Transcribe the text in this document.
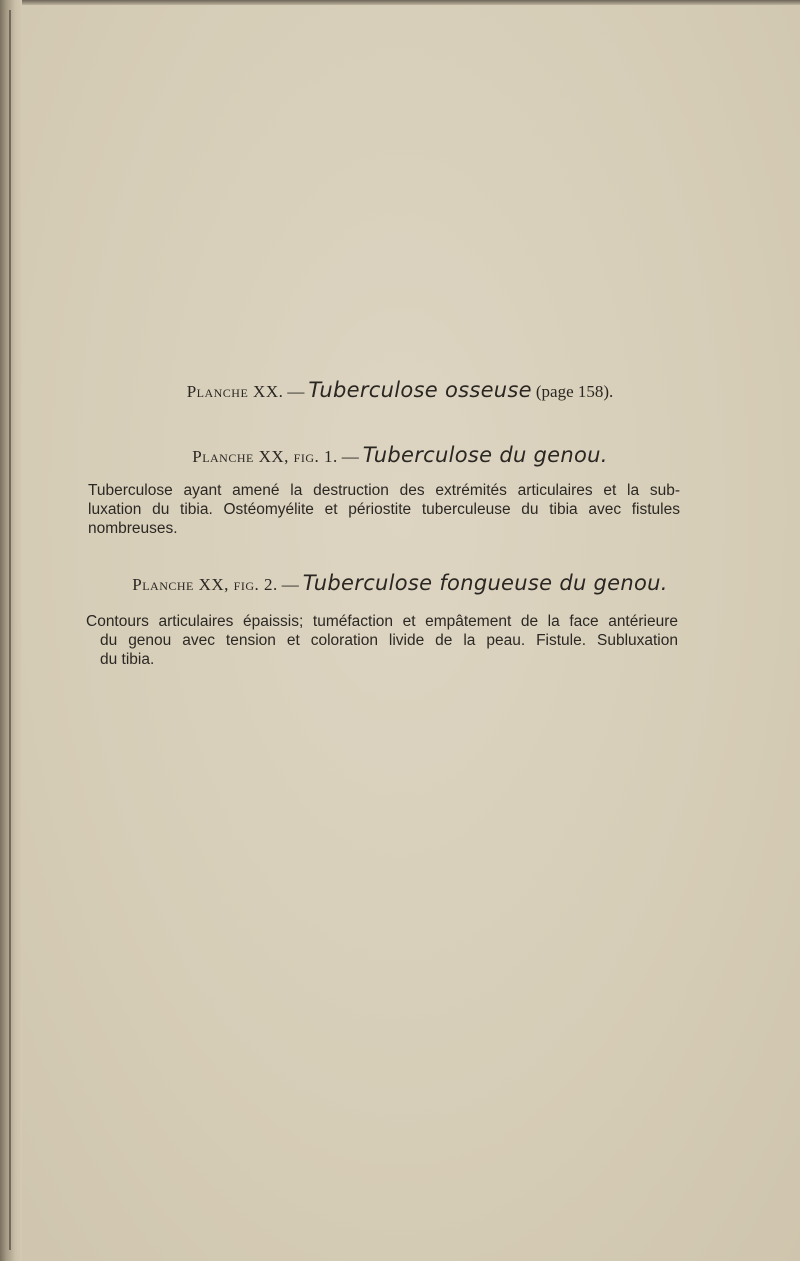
Planche XX. — Tuberculose osseuse (page 158).
Planche XX, fig. 1. — Tuberculose du genou.
Tuberculose ayant amené la destruction des extrémités articulaires et la sub-
luxation du tibia. Ostéomyélite et périostite tuberculeuse du tibia avec fistules
nombreuses.
Planche XX, fig. 2. — Tuberculose fongueuse du genou.
Contours articulaires épaissis; tuméfaction et empâtement de la face antérieure
du genou avec tension et coloration livide de la peau. Fistule. Subluxation
du tibia.
